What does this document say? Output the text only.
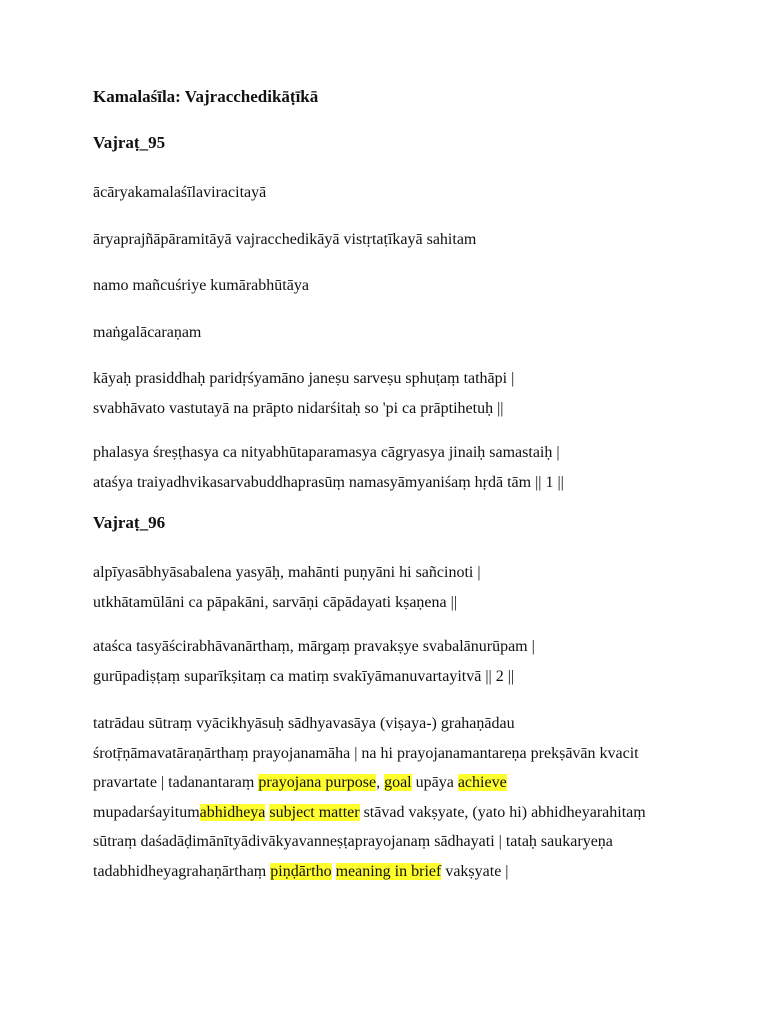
Kamalaśīla: Vajracchedikāṭīkā
Vajraṭ_95
ācāryakamalaśīlaviracitayā
āryaprajñāpāramitāyā vajracchedikāyā vistṛtaṭīkayā sahitam
namo mañcuśriye kumārabhūtāya
maṅgalācaraṇam
kāyaḥ prasiddhaḥ paridṛśyamāno janeṣu sarveṣu sphuṭaṃ tathāpi |
svabhāvato vastutayā na prāpto nidarśitaḥ so 'pi ca prāptihetuḥ ||
phalasya śreṣṭhasya ca nityabhūtaparamasya cāgryasya jinaiḥ samastaiḥ |
ataśya traiyadhvikasarvabuddhaprasūṃ namasyāmyaniśaṃ hṛdā tām || 1 ||
Vajraṭ_96
alpīyasābhyāsabalena yasyāḥ, mahānti puṇyāni hi sañcinoti |
utkhātamūlāni ca pāpakāni, sarvāṇi cāpādayati kṣaṇena ||
ataśca tasyāścirabhāvanārthaṃ, mārgaṃ pravakṣye svabalānurūpam |
gurūpadiṣṭaṃ suparīkṣitaṃ ca matiṃ svakīyāmanuvartayitvā || 2 ||
tatrādau sūtraṃ vyācikhyāsuḥ sādhyavasāya (viṣaya-) grahaṇādau śrotṝṇāmavatāraṇārthaṃ prayojanamāha | na hi prayojanamantareṇa prekṣāvān kvacit pravartate | tadanantaraṃ prayojana purpose, goal upāya achieve mupadarśayitumabhidheya subject matter stāvad vakṣyate, (yato hi) abhidheyarahitaṃ sūtraṃ daśadāḍimānītyādivākyavanneṣṭaprayojanaṃ sādhayati | tataḥ saukaryeṇa tadabhidheyagrahaṇārthaṃ piṇḍārtho meaning in brief vakṣyate |
